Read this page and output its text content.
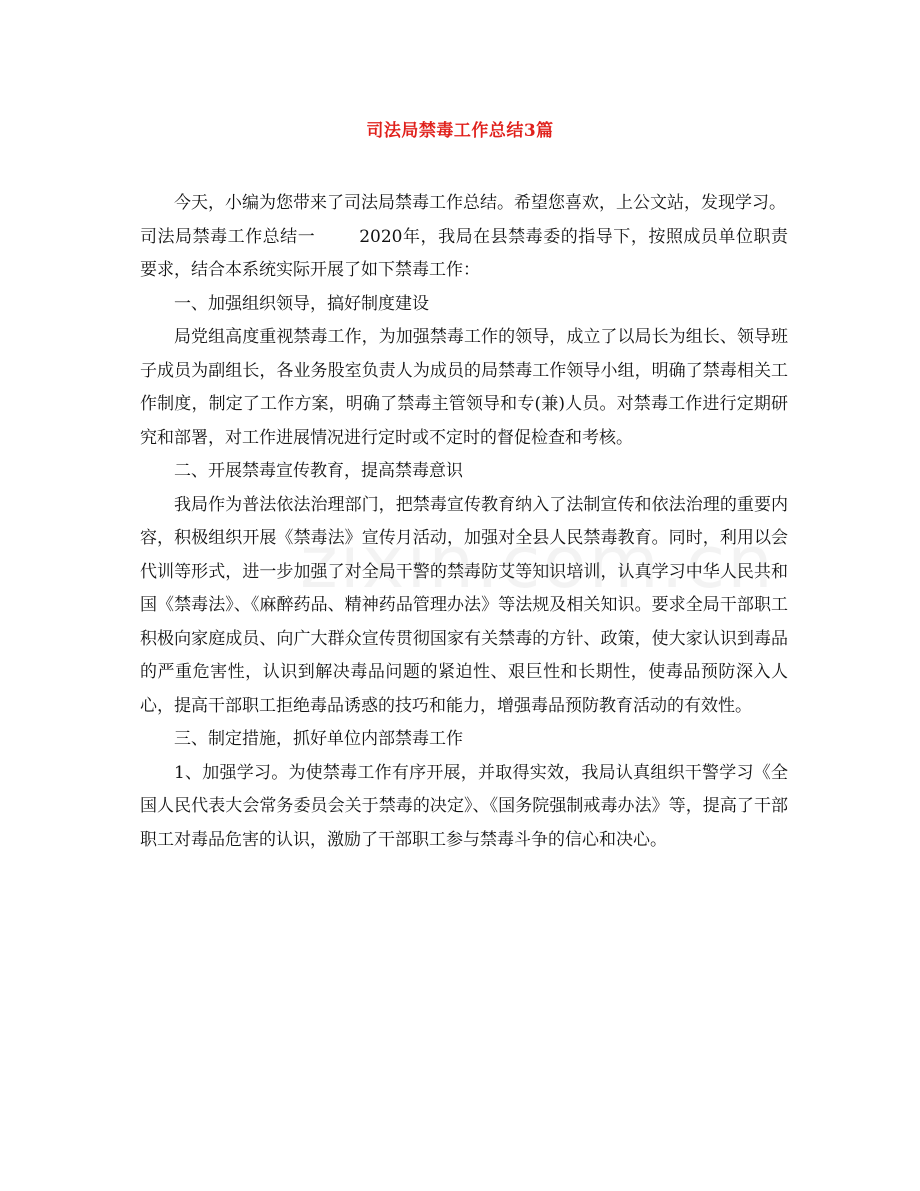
司法局禁毒工作总结3篇

今天，小编为您带来了司法局禁毒工作总结。希望您喜欢，上公文站，发现学习。

司法局禁毒工作总结一	2020年，我局在县禁毒委的指导下，按照成员单位职责要求，结合本系统实际开展了如下禁毒工作：

一、加强组织领导，搞好制度建设

局党组高度重视禁毒工作，为加强禁毒工作的领导，成立了以局长为组长、领导班子成员为副组长，各业务股室负责人为成员的局禁毒工作领导小组，明确了禁毒相关工作制度，制定了工作方案，明确了禁毒主管领导和专(兼)人员。对禁毒工作进行定期研究和部署，对工作进展情况进行定时或不定时的督促检查和考核。

二、开展禁毒宣传教育，提高禁毒意识

我局作为普法依法治理部门，把禁毒宣传教育纳入了法制宣传和依法治理的重要内容，积极组织开展《禁毒法》宣传月活动，加强对全县人民禁毒教育。同时，利用以会代训等形式，进一步加强了对全局干警的禁毒防艾等知识培训，认真学习中华人民共和国《禁毒法》、《麻醉药品、精神药品管理办法》等法规及相关知识。要求全局干部职工积极向家庭成员、向广大群众宣传贯彻国家有关禁毒的方针、政策，使大家认识到毒品的严重危害性，认识到解决毒品问题的紧迫性、艰巨性和长期性，使毒品预防深入人心，提高干部职工拒绝毒品诱惑的技巧和能力，增强毒品预防教育活动的有效性。

三、制定措施，抓好单位内部禁毒工作

1、加强学习。为使禁毒工作有序开展，并取得实效，我局认真组织干警学习《全国人民代表大会常务委员会关于禁毒的决定》、《国务院强制戒毒办法》等，提高了干部职工对毒品危害的认识，激励了干部职工参与禁毒斗争的信心和决心。
